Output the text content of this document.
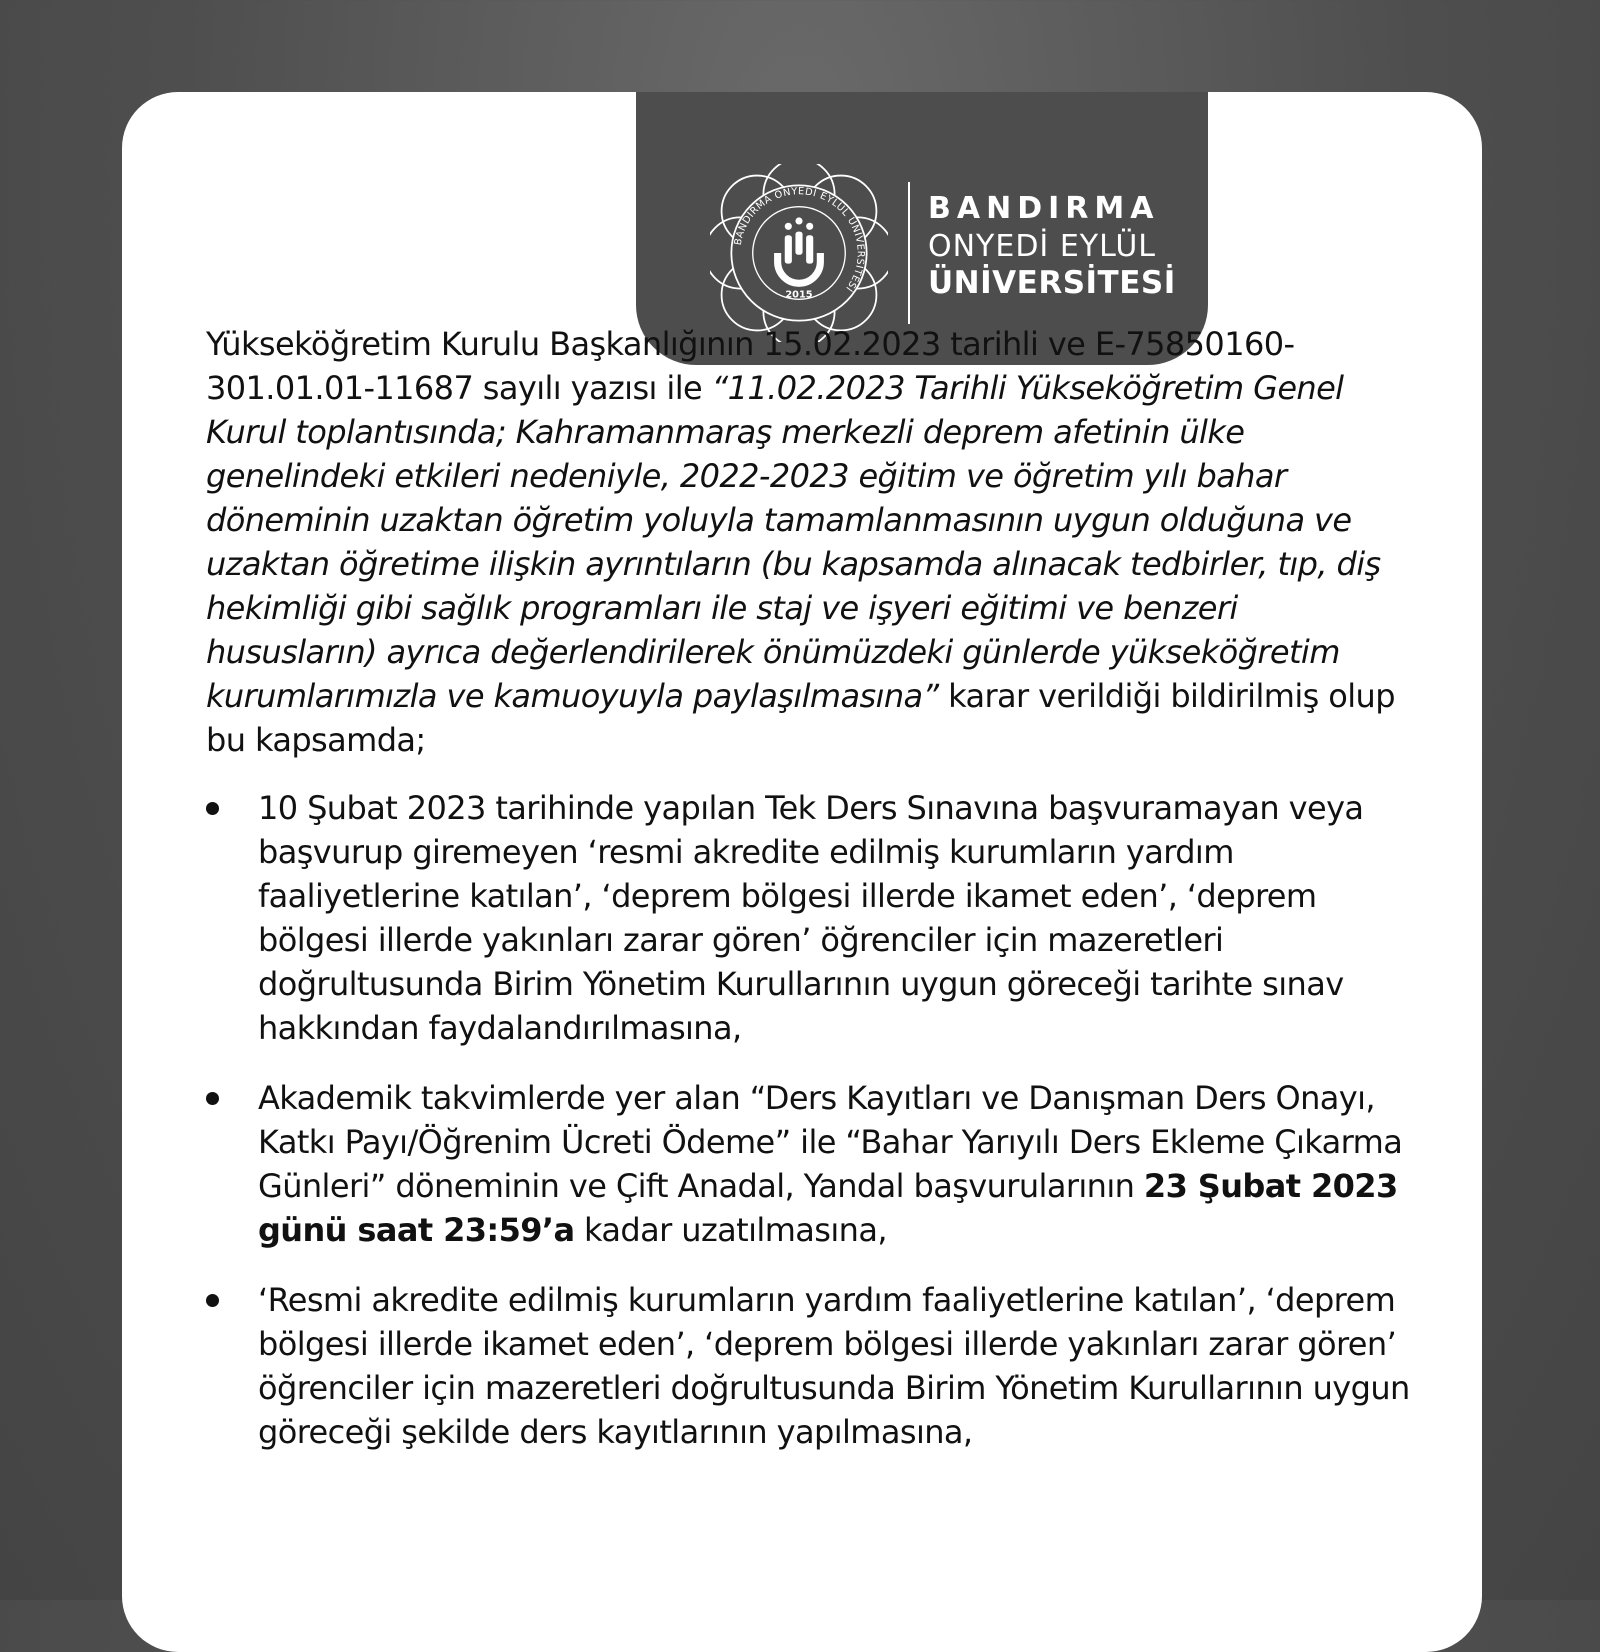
BANDIRMA ONYEDİ EYLÜL ÜNİVERSİTESİ
2015
BANDIRMA
ONYEDİ EYLÜL
ÜNİVERSİTESİ

Yükseköğretim Kurulu Başkanlığının 15.02.2023 tarihli ve E-75850160-301.01.01-11687 sayılı yazısı ile “11.02.2023 Tarihli Yükseköğretim Genel Kurul toplantısında; Kahramanmaraş merkezli deprem afetinin ülke genelindeki etkileri nedeniyle, 2022-2023 eğitim ve öğretim yılı bahar döneminin uzaktan öğretim yoluyla tamamlanmasının uygun olduğuna ve uzaktan öğretime ilişkin ayrıntıların (bu kapsamda alınacak tedbirler, tıp, diş hekimliği gibi sağlık programları ile staj ve işyeri eğitimi ve benzeri hususların) ayrıca değerlendirilerek önümüzdeki günlerde yükseköğretim kurumlarımızla ve kamuoyuyla paylaşılmasına” karar verildiği bildirilmiş olup bu kapsamda;

10 Şubat 2023 tarihinde yapılan Tek Ders Sınavına başvuramayan veya başvurup giremeyen ‘resmi akredite edilmiş kurumların yardım faaliyetlerine katılan’, ‘deprem bölgesi illerde ikamet eden’, ‘deprem bölgesi illerde yakınları zarar gören’ öğrenciler için mazeretleri doğrultusunda Birim Yönetim Kurullarının uygun göreceği tarihte sınav hakkından faydalandırılmasına,
Akademik takvimlerde yer alan “Ders Kayıtları ve Danışman Ders Onayı, Katkı Payı/Öğrenim Ücreti Ödeme” ile “Bahar Yarıyılı Ders Ekleme Çıkarma Günleri” döneminin ve Çift Anadal, Yandal başvurularının 23 Şubat 2023 günü saat 23:59’a kadar uzatılmasına,
‘Resmi akredite edilmiş kurumların yardım faaliyetlerine katılan’, ‘deprem bölgesi illerde ikamet eden’, ‘deprem bölgesi illerde yakınları zarar gören’ öğrenciler için mazeretleri doğrultusunda Birim Yönetim Kurullarının uygun göreceği şekilde ders kayıtlarının yapılmasına,
